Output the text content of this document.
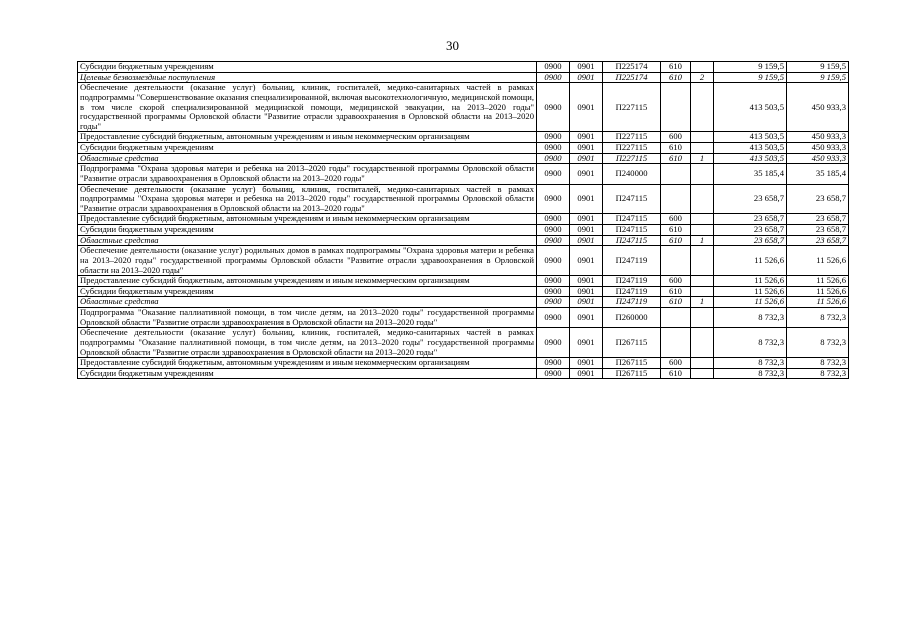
30
Субсидии бюджетным учреждениям	0900	0901	П225174	610		9 159,5	9 159,5
Целевые безвозмездные поступления	0900	0901	П225174	610	2	9 159,5	9 159,5
Обеспечение деятельности (оказание услуг) больниц, клиник, госпиталей, медико-санитарных частей в рамках подпрограммы "Совершенствование оказания специализированной, включая высокотехнологичную, медицинской помощи, в том числе скорой специализированной медицинской помощи, медицинской эвакуации, на 2013–2020 годы" государственной программы Орловской области "Развитие отрасли здравоохранения в Орловской области на 2013–2020 годы"	0900	0901	П227115			413 503,5	450 933,3
Предоставление субсидий бюджетным, автономным учреждениям и иным некоммерческим организациям	0900	0901	П227115	600		413 503,5	450 933,3
Субсидии бюджетным учреждениям	0900	0901	П227115	610		413 503,5	450 933,3
Областные средства	0900	0901	П227115	610	1	413 503,5	450 933,3
Подпрограмма "Охрана здоровья матери и ребенка на 2013–2020 годы" государственной программы Орловской области "Развитие отрасли здравоохранения в Орловской области на 2013–2020 годы"	0900	0901	П240000			35 185,4	35 185,4
Обеспечение деятельности (оказание услуг) больниц, клиник, госпиталей, медико-санитарных частей в рамках подпрограммы "Охрана здоровья матери и ребенка на 2013–2020 годы" государственной программы Орловской области "Развитие отрасли здравоохранения в Орловской области на 2013–2020 годы"	0900	0901	П247115			23 658,7	23 658,7
Предоставление субсидий бюджетным, автономным учреждениям и иным некоммерческим организациям	0900	0901	П247115	600		23 658,7	23 658,7
Субсидии бюджетным учреждениям	0900	0901	П247115	610		23 658,7	23 658,7
Областные средства	0900	0901	П247115	610	1	23 658,7	23 658,7
Обеспечение деятельности (оказание услуг) родильных домов в рамках подпрограммы "Охрана здоровья матери и ребенка на 2013–2020 годы" государственной программы Орловской области "Развитие отрасли здравоохранения в Орловской области на 2013–2020 годы"	0900	0901	П247119			11 526,6	11 526,6
Предоставление субсидий бюджетным, автономным учреждениям и иным некоммерческим организациям	0900	0901	П247119	600		11 526,6	11 526,6
Субсидии бюджетным учреждениям	0900	0901	П247119	610		11 526,6	11 526,6
Областные средства	0900	0901	П247119	610	1	11 526,6	11 526,6
Подпрограмма "Оказание паллиативной помощи, в том числе детям, на 2013–2020 годы" государственной программы Орловской области "Развитие отрасли здравоохранения в Орловской области на 2013–2020 годы"	0900	0901	П260000			8 732,3	8 732,3
Обеспечение деятельности (оказание услуг) больниц, клиник, госпиталей, медико-санитарных частей в рамках подпрограммы "Оказание паллиативной помощи, в том числе детям, на 2013–2020 годы" государственной программы Орловской области "Развитие отрасли здравоохранения в Орловской области на 2013–2020 годы"	0900	0901	П267115			8 732,3	8 732,3
Предоставление субсидий бюджетным, автономным учреждениям и иным некоммерческим организациям	0900	0901	П267115	600		8 732,3	8 732,3
Субсидии бюджетным учреждениям	0900	0901	П267115	610		8 732,3	8 732,3
